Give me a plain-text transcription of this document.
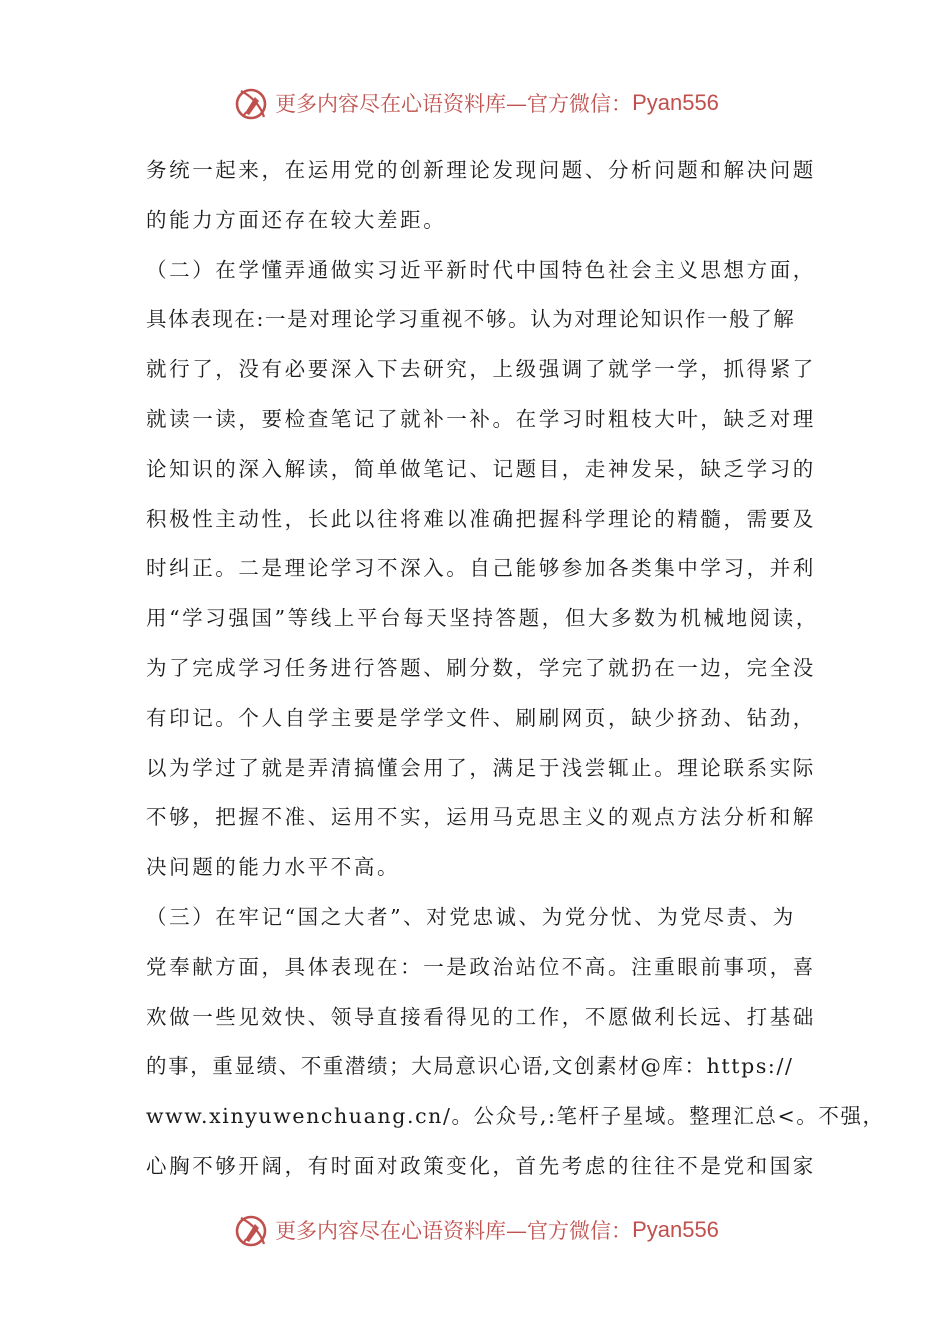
更多内容尽在心语资料库—官方微信： Pyan556
务统一起来，在运用党的创新理论发现问题、分析问题和解决问题
的能力方面还存在较大差距。
（二）在学懂弄通做实习近平新时代中国特色社会主义思想方面，
具体表现在:一是对理论学习重视不够。认为对理论知识作一般了解
就行了，没有必要深入下去研究，上级强调了就学一学，抓得紧了
就读一读，要检查笔记了就补一补。在学习时粗枝大叶，缺乏对理
论知识的深入解读，简单做笔记、记题目，走神发呆，缺乏学习的
积极性主动性，长此以往将难以准确把握科学理论的精髓，需要及
时纠正。二是理论学习不深入。自己能够参加各类集中学习，并利
用“学习强国”等线上平台每天坚持答题，但大多数为机械地阅读，
为了完成学习任务进行答题、刷分数，学完了就扔在一边，完全没
有印记。个人自学主要是学学文件、刷刷网页，缺少挤劲、钻劲，
以为学过了就是弄清搞懂会用了，满足于浅尝辄止。理论联系实际
不够，把握不准、运用不实，运用马克思主义的观点方法分析和解
决问题的能力水平不高。
（三）在牢记“国之大者”、对党忠诚、为党分忧、为党尽责、为
党奉献方面，具体表现在：一是政治站位不高。注重眼前事项，喜
欢做一些见效快、领导直接看得见的工作，不愿做利长远、打基础
的事，重显绩、不重潜绩；大局意识心语,文创素材@库：https://
www.xinyuwenchuang.cn/。公众号,:笔杆子星域。整理汇总<。不强，
心胸不够开阔，有时面对政策变化，首先考虑的往往不是党和国家
更多内容尽在心语资料库—官方微信： Pyan556
